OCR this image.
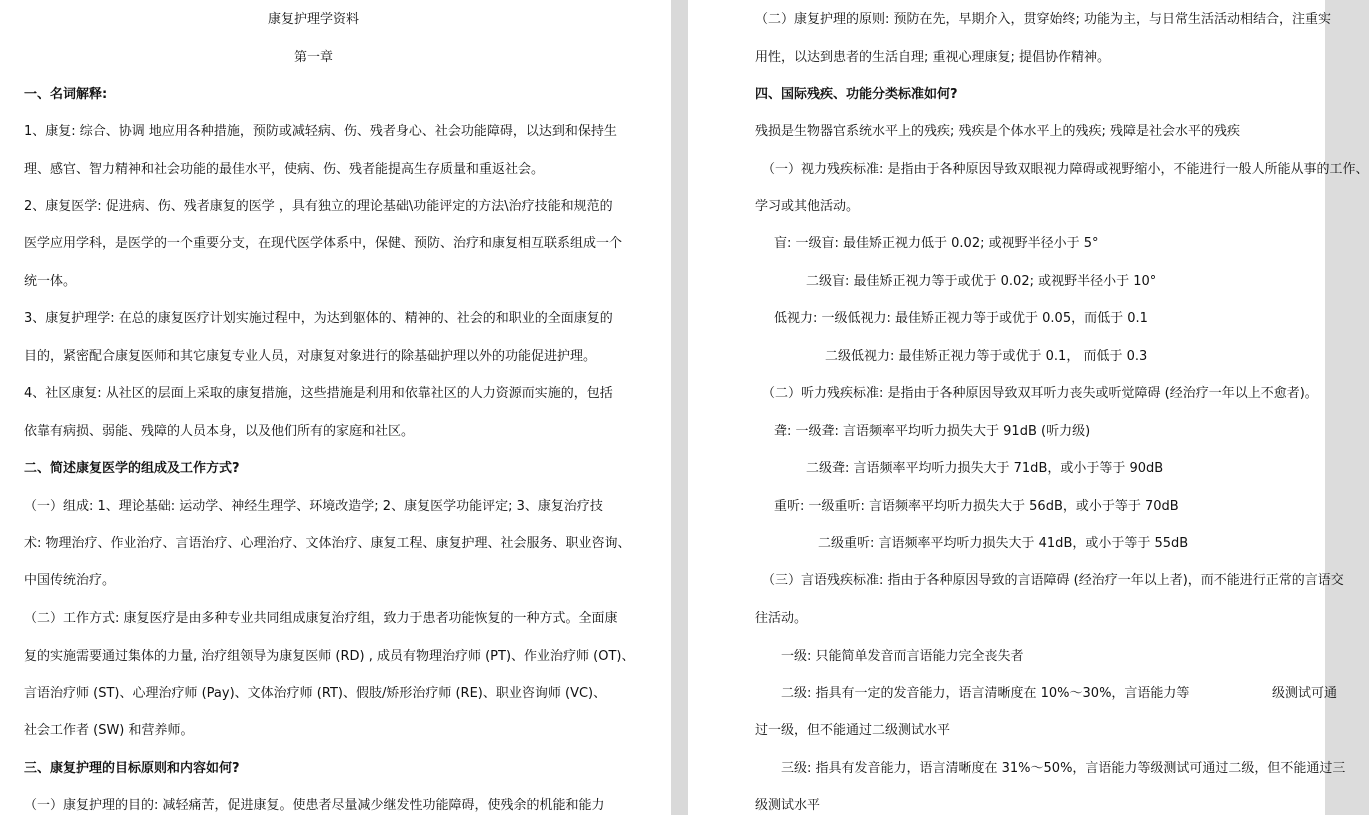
康复护理学资料
第一章
一、名词解释:
1、康复: 综合、协调 地应用各种措施，预防或减轻病、伤、残者身心、社会功能障碍，以达到和保持生
理、感官、智力精神和社会功能的最佳水平，使病、伤、残者能提高生存质量和重返社会。
2、康复医学: 促进病、伤、残者康复的医学 ，具有独立的理论基础\功能评定的方法\治疗技能和规范的
医学应用学科，是医学的一个重要分支，在现代医学体系中，保健、预防、治疗和康复相互联系组成一个
统一体。
3、康复护理学: 在总的康复医疗计划实施过程中，为达到躯体的、精神的、社会的和职业的全面康复的
目的，紧密配合康复医师和其它康复专业人员，对康复对象进行的除基础护理以外的功能促进护理。
4、社区康复: 从社区的层面上采取的康复措施，这些措施是利用和依靠社区的人力资源而实施的，包括
依靠有病损、弱能、残障的人员本身，以及他们所有的家庭和社区。
二、简述康复医学的组成及工作方式?
（一）组成: 1、理论基础: 运动学、神经生理学、环境改造学; 2、康复医学功能评定; 3、康复治疗技
术: 物理治疗、作业治疗、言语治疗、心理治疗、文体治疗、康复工程、康复护理、社会服务、职业咨询、
中国传统治疗。
（二）工作方式: 康复医疗是由多种专业共同组成康复治疗组，致力于患者功能恢复的一种方式。全面康
复的实施需要通过集体的力量, 治疗组领导为康复医师 (RD) , 成员有物理治疗师 (PT)、作业治疗师 (OT)、
言语治疗师 (ST)、心理治疗师 (Pay)、文体治疗师 (RT)、假肢/矫形治疗师 (RE)、职业咨询师 (VC)、
社会工作者 (SW) 和营养师。
三、康复护理的目标原则和内容如何?
（一）康复护理的目的: 减轻痛苦，促进康复。使患者尽量减少继发性功能障碍，使残余的机能和能力
（二）康复护理的原则: 预防在先，早期介入，贯穿始终; 功能为主，与日常生活活动相结合，注重实
用性，以达到患者的生活自理; 重视心理康复; 提倡协作精神。
四、国际残疾、功能分类标准如何?
残损是生物器官系统水平上的残疾; 残疾是个体水平上的残疾; 残障是社会水平的残疾
（一）视力残疾标准: 是指由于各种原因导致双眼视力障碍或视野缩小，不能进行一般人所能从事的工作、
学习或其他活动。
盲: 一级盲: 最佳矫正视力低于 0.02; 或视野半径小于 5°
二级盲: 最佳矫正视力等于或优于 0.02; 或视野半径小于 10°
低视力: 一级低视力: 最佳矫正视力等于或优于 0.05，而低于 0.1
二级低视力: 最佳矫正视力等于或优于 0.1， 而低于 0.3
（二）听力残疾标准: 是指由于各种原因导致双耳听力丧失或听觉障碍 (经治疗一年以上不愈者)。
聋: 一级聋: 言语频率平均听力损失大于 91dB (听力级)
二级聋: 言语频率平均听力损失大于 71dB，或小于等于 90dB
重听: 一级重听: 言语频率平均听力损失大于 56dB，或小于等于 70dB
二级重听: 言语频率平均听力损失大于 41dB，或小于等于 55dB
（三）言语残疾标准: 指由于各种原因导致的言语障碍 (经治疗一年以上者)，而不能进行正常的言语交
往活动。
一级: 只能简单发音而言语能力完全丧失者
二级: 指具有一定的发音能力，语言清晰度在 10%～30%，言语能力等	级测试可通
过一级，但不能通过二级测试水平
三级: 指具有发音能力，语言清晰度在 31%～50%，言语能力等级测试可通过二级，但不能通过三
级测试水平
